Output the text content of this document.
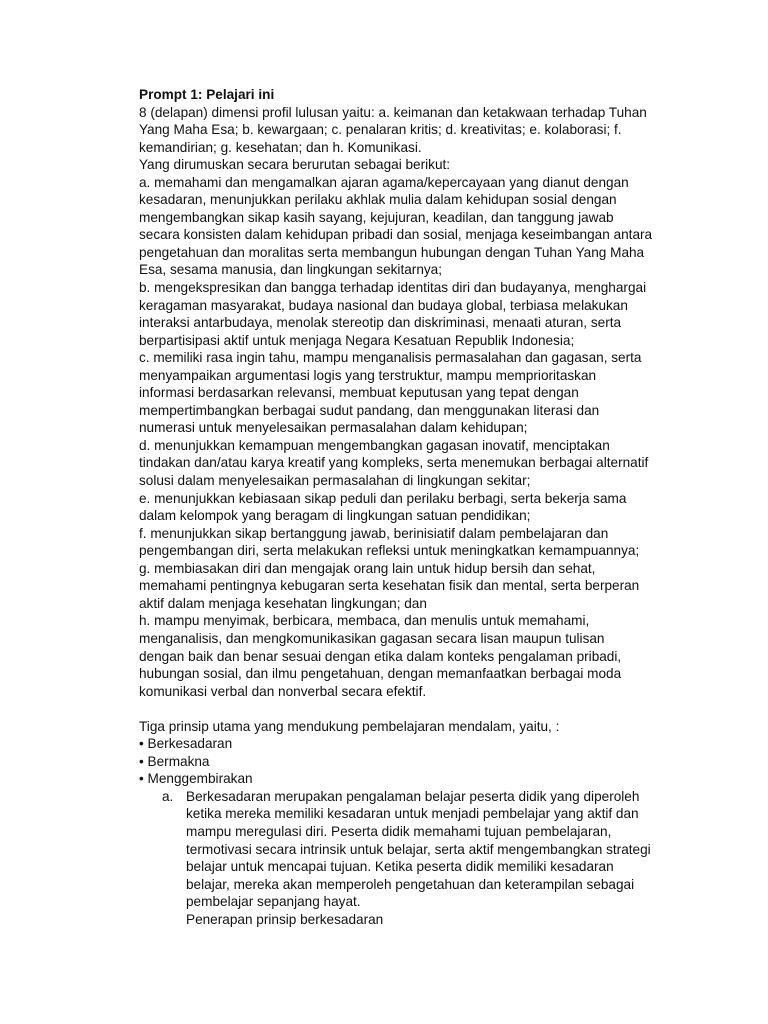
Prompt 1: Pelajari ini
8 (delapan) dimensi profil lulusan yaitu: a. keimanan dan ketakwaan terhadap Tuhan
Yang Maha Esa; b. kewargaan; c. penalaran kritis; d. kreativitas; e. kolaborasi; f.
kemandirian; g. kesehatan; dan h. Komunikasi.
Yang dirumuskan secara berurutan sebagai berikut:
a. memahami dan mengamalkan ajaran agama/kepercayaan yang dianut dengan
kesadaran, menunjukkan perilaku akhlak mulia dalam kehidupan sosial dengan
mengembangkan sikap kasih sayang, kejujuran, keadilan, dan tanggung jawab
secara konsisten dalam kehidupan pribadi dan sosial, menjaga keseimbangan antara
pengetahuan dan moralitas serta membangun hubungan dengan Tuhan Yang Maha
Esa, sesama manusia, dan lingkungan sekitarnya;
b. mengekspresikan dan bangga terhadap identitas diri dan budayanya, menghargai
keragaman masyarakat, budaya nasional dan budaya global, terbiasa melakukan
interaksi antarbudaya, menolak stereotip dan diskriminasi, menaati aturan, serta
berpartisipasi aktif untuk menjaga Negara Kesatuan Republik Indonesia;
c. memiliki rasa ingin tahu, mampu menganalisis permasalahan dan gagasan, serta
menyampaikan argumentasi logis yang terstruktur, mampu memprioritaskan
informasi berdasarkan relevansi, membuat keputusan yang tepat dengan
mempertimbangkan berbagai sudut pandang, dan menggunakan literasi dan
numerasi untuk menyelesaikan permasalahan dalam kehidupan;
d. menunjukkan kemampuan mengembangkan gagasan inovatif, menciptakan
tindakan dan/atau karya kreatif yang kompleks, serta menemukan berbagai alternatif
solusi dalam menyelesaikan permasalahan di lingkungan sekitar;
e. menunjukkan kebiasaan sikap peduli dan perilaku berbagi, serta bekerja sama
dalam kelompok yang beragam di lingkungan satuan pendidikan;
f. menunjukkan sikap bertanggung jawab, berinisiatif dalam pembelajaran dan
pengembangan diri, serta melakukan refleksi untuk meningkatkan kemampuannya;
g. membiasakan diri dan mengajak orang lain untuk hidup bersih dan sehat,
memahami pentingnya kebugaran serta kesehatan fisik dan mental, serta berperan
aktif dalam menjaga kesehatan lingkungan; dan
h. mampu menyimak, berbicara, membaca, dan menulis untuk memahami,
menganalisis, dan mengkomunikasikan gagasan secara lisan maupun tulisan
dengan baik dan benar sesuai dengan etika dalam konteks pengalaman pribadi,
hubungan sosial, dan ilmu pengetahuan, dengan memanfaatkan berbagai moda
komunikasi verbal dan nonverbal secara efektif.
Tiga prinsip utama yang mendukung pembelajaran mendalam, yaitu, :
• Berkesadaran
• Bermakna
• Menggembirakan
a. Berkesadaran merupakan pengalaman belajar peserta didik yang diperoleh
ketika mereka memiliki kesadaran untuk menjadi pembelajar yang aktif dan
mampu meregulasi diri. Peserta didik memahami tujuan pembelajaran,
termotivasi secara intrinsik untuk belajar, serta aktif mengembangkan strategi
belajar untuk mencapai tujuan. Ketika peserta didik memiliki kesadaran
belajar, mereka akan memperoleh pengetahuan dan keterampilan sebagai
pembelajar sepanjang hayat.
Penerapan prinsip berkesadaran
